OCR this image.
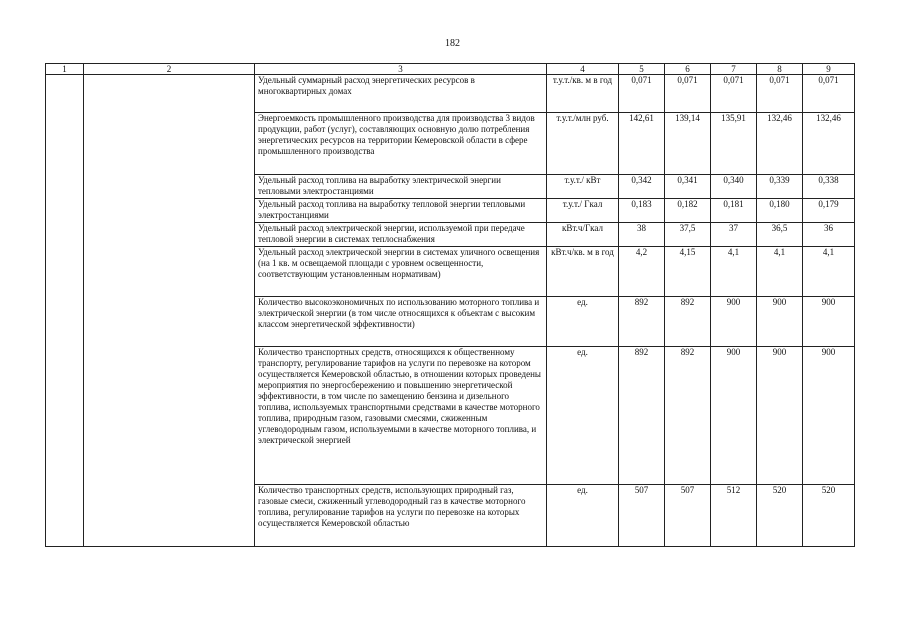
182
1	2	3	4	5	6	7	8	9
		Удельный суммарный расход энергетических ресурсов в многоквартирных домах	т.у.т./кв. м в год	0,071	0,071	0,071	0,071	0,071
		Энергоемкость промышленного производства для производства 3 видов продукции, работ (услуг), составляющих основную долю потребления энергетических ресурсов на территории Кемеровской области в сфере промышленного производства	т.у.т./млн руб.	142,61	139,14	135,91	132,46	132,46
		Удельный расход топлива на выработку электрической энергии тепловыми электростанциями	т.у.т./ кВт	0,342	0,341	0,340	0,339	0,338
		Удельный расход топлива на выработку тепловой энергии тепловыми электростанциями	т.у.т./ Гкал	0,183	0,182	0,181	0,180	0,179
		Удельный расход электрической энергии, используемой при передаче тепловой энергии в системах теплоснабжения	кВт.ч/Гкал	38	37,5	37	36,5	36
		Удельный расход электрической энергии в системах уличного освещения (на 1 кв. м освещаемой площади с уровнем освещенности, соответствующим установленным нормативам)	кВт.ч/кв. м в год	4,2	4,15	4,1	4,1	4,1
		Количество высокоэкономичных по использованию моторного топлива и электрической энергии (в том числе относящихся к объектам с высоким классом энергетической эффективности)	ед.	892	892	900	900	900
		Количество транспортных средств, относящихся к общественному транспорту, регулирование тарифов на услуги по перевозке на котором осуществляется Кемеровской областью, в отношении которых проведены мероприятия по энергосбережению и повышению энергетической эффективности, в том числе по замещению бензина и дизельного топлива, используемых транспортными средствами в качестве моторного топлива, природным газом, газовыми смесями, сжиженным углеводородным газом, используемыми в качестве моторного топлива, и электрической энергией	ед.	892	892	900	900	900
		Количество транспортных средств, использующих природный газ, газовые смеси, сжиженный углеводородный газ в качестве моторного топлива, регулирование тарифов на услуги по перевозке на которых осуществляется Кемеровской областью	ед.	507	507	512	520	520
